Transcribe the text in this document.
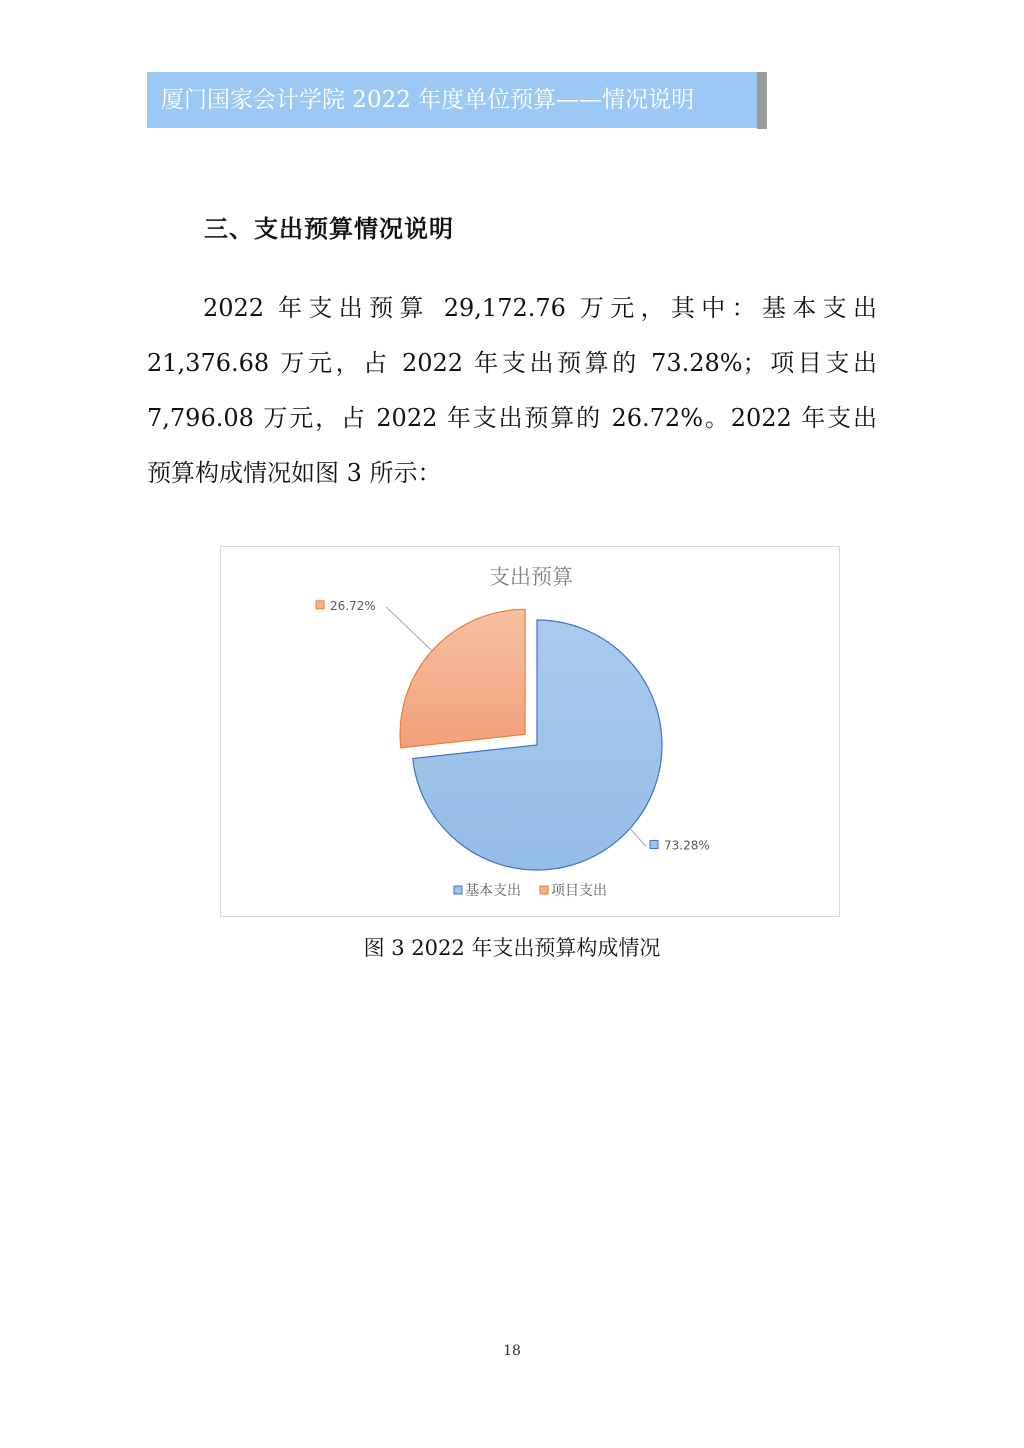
厦门国家会计学院 2022 年度单位预算——情况说明
三、支出预算情况说明
2022 年支出预算 29,172.76 万元，其中：基本支出
21,376.68 万元，占 2022 年支出预算的 73.28%；项目支出
7,796.08 万元，占 2022 年支出预算的 26.72%。2022 年支出
预算构成情况如图 3 所示：
支出预算
73.28%
26.72%
基本支出 项目支出
图 3 2022 年支出预算构成情况
18
